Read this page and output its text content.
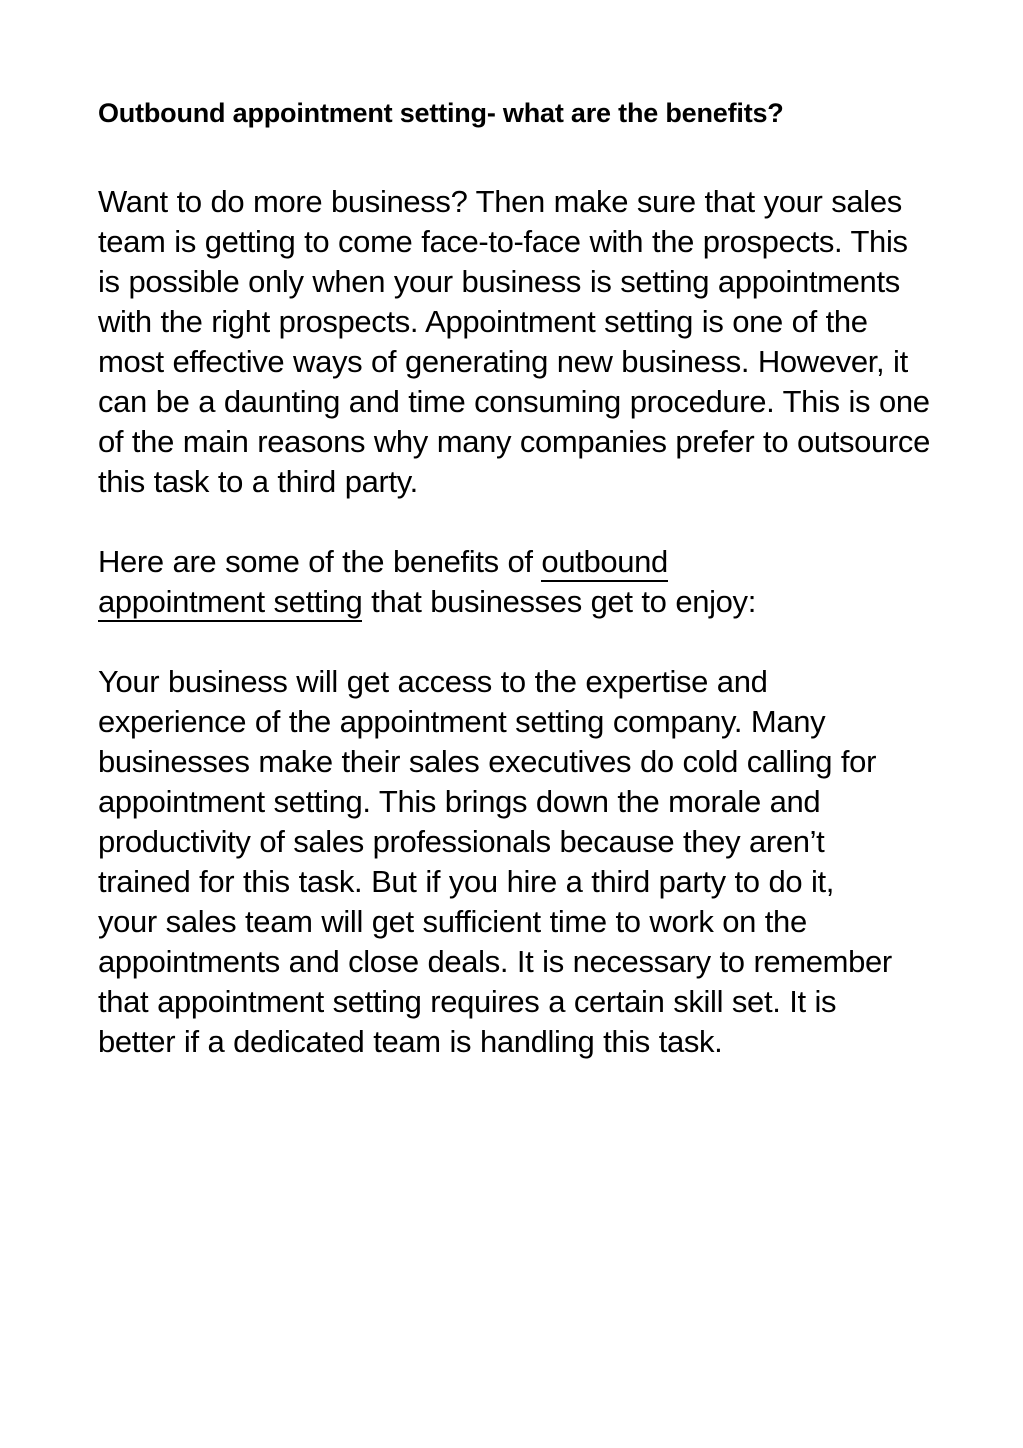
Outbound appointment setting- what are the benefits?

Want to do more business? Then make sure that your sales team is getting to come face-to-face with the prospects. This is possible only when your business is setting appointments with the right prospects. Appointment setting is one of the most effective ways of generating new business. However, it can be a daunting and time consuming procedure. This is one of the main reasons why many companies prefer to outsource this task to a third party.

Here are some of the benefits of outbound appointment setting that businesses get to enjoy:

Your business will get access to the expertise and experience of the appointment setting company. Many businesses make their sales executives do cold calling for appointment setting. This brings down the morale and productivity of sales professionals because they aren’t trained for this task. But if you hire a third party to do it, your sales team will get sufficient time to work on the appointments and close deals. It is necessary to remember that appointment setting requires a certain skill set. It is better if a dedicated team is handling this task.
